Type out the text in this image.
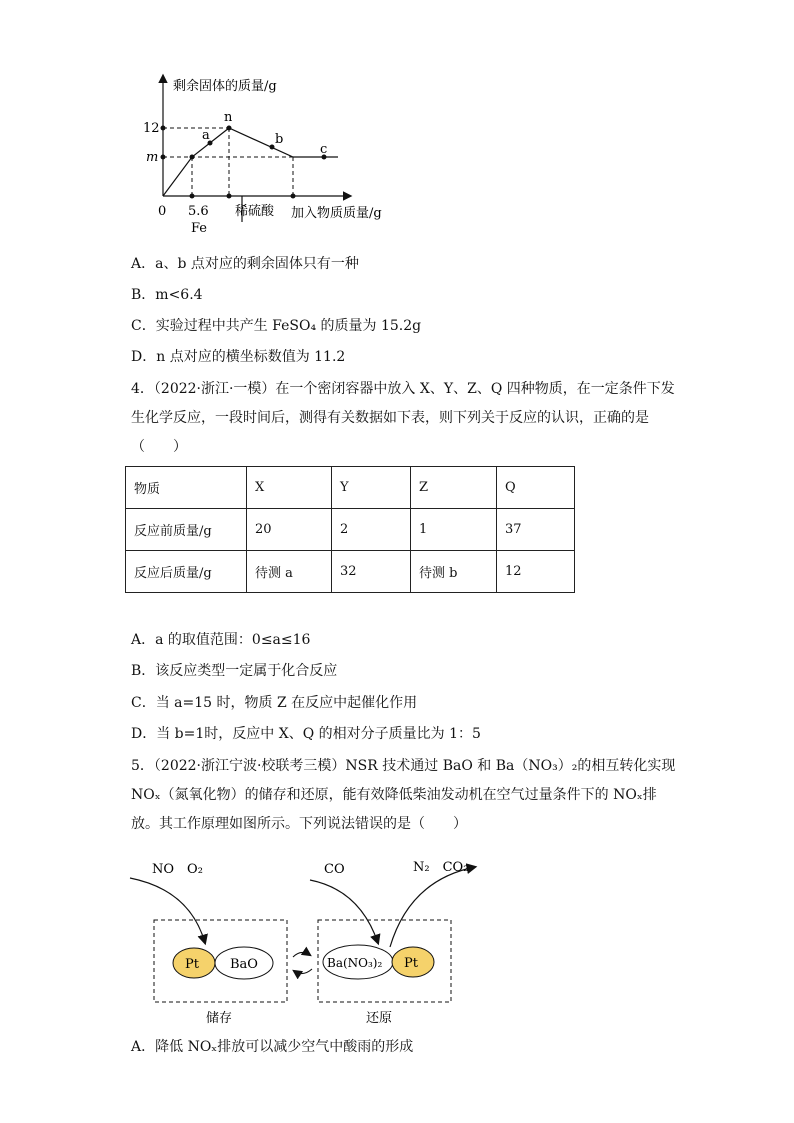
剩余固体的质量/g
12
m
a
n
b
c
0 5.6
Fe
稀硫酸 加入物质质量/g
A．a、b 点对应的剩余固体只有一种
B．m<6.4
C．实验过程中共产生 FeSO₄ 的质量为 15.2g
D．n 点对应的横坐标数值为 11.2
4．（2022·浙江·一模）在一个密闭容器中放入 X、Y、Z、Q 四种物质，在一定条件下发
生化学反应，一段时间后，测得有关数据如下表，则下列关于反应的认识，正确的是
（　　）
物质	X	Y	Z	Q
反应前质量/g	20	2	1	37
反应后质量/g	待测 a	32	待测 b	12
A．a 的取值范围：0≤a≤16
B．该反应类型一定属于化合反应
C．当 a=15 时，物质 Z 在反应中起催化作用
D．当 b=1时，反应中 X、Q 的相对分子质量比为 1：5
5．（2022·浙江宁波·校联考三模）NSR 技术通过 BaO 和 Ba（NO₃）₂的相互转化实现
NOₓ（氮氧化物）的储存和还原，能有效降低柴油发动机在空气过量条件下的 NOₓ排
放。其工作原理如图所示。下列说法错误的是（　　）
Pt BaO	Ba(NO₃)₂ Pt
NO　O₂	CO	N₂　CO₂
储存	还原
A．降低 NOₓ排放可以减少空气中酸雨的形成
